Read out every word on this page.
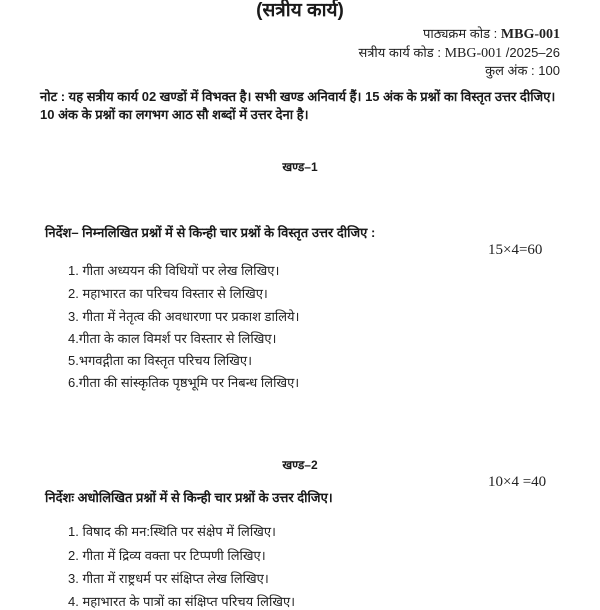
(सत्रीय कार्य)
पाठ्यक्रम कोड : MBG-001
सत्रीय कार्य कोड : MBG-001 /2025–26
कुल अंक : 100
नोट : यह सत्रीय कार्य 02 खण्डों में विभक्त है। सभी खण्ड अनिवार्य हैं। 15 अंक के प्रश्नों का विस्तृत उत्तर दीजिए। 10 अंक के प्रश्नों का लगभग आठ सौ शब्दों में उत्तर देना है।
खण्ड–1
निर्देश– निम्नलिखित प्रश्नों में से किन्ही चार प्रश्नों के विस्तृत उत्तर दीजिए :
15×4=60
1. गीता अध्ययन की विधियों पर लेख लिखिए।
2. महाभारत का परिचय विस्तार से लिखिए।
3. गीता में नेतृत्व की अवधारणा पर प्रकाश डालिये।
4.गीता के काल विमर्श पर विस्तार से लिखिए।
5.भगवद्गीता का विस्तृत परिचय लिखिए।
6.गीता की सांस्कृतिक पृष्ठभूमि पर निबन्ध लिखिए।
खण्ड–2
10×4 =40
निर्देशः अधोलिखित प्रश्नों में से किन्ही चार प्रश्नों के उत्तर दीजिए।
1. विषाद की मन:स्थिति पर संक्षेप में लिखिए।
2. गीता में द्रिव्य वक्ता पर टिप्पणी लिखिए।
3. गीता में राष्ट्रधर्म पर संक्षिप्त लेख लिखिए।
4. महाभारत के पात्रों का संक्षिप्त परिचय लिखिए।
